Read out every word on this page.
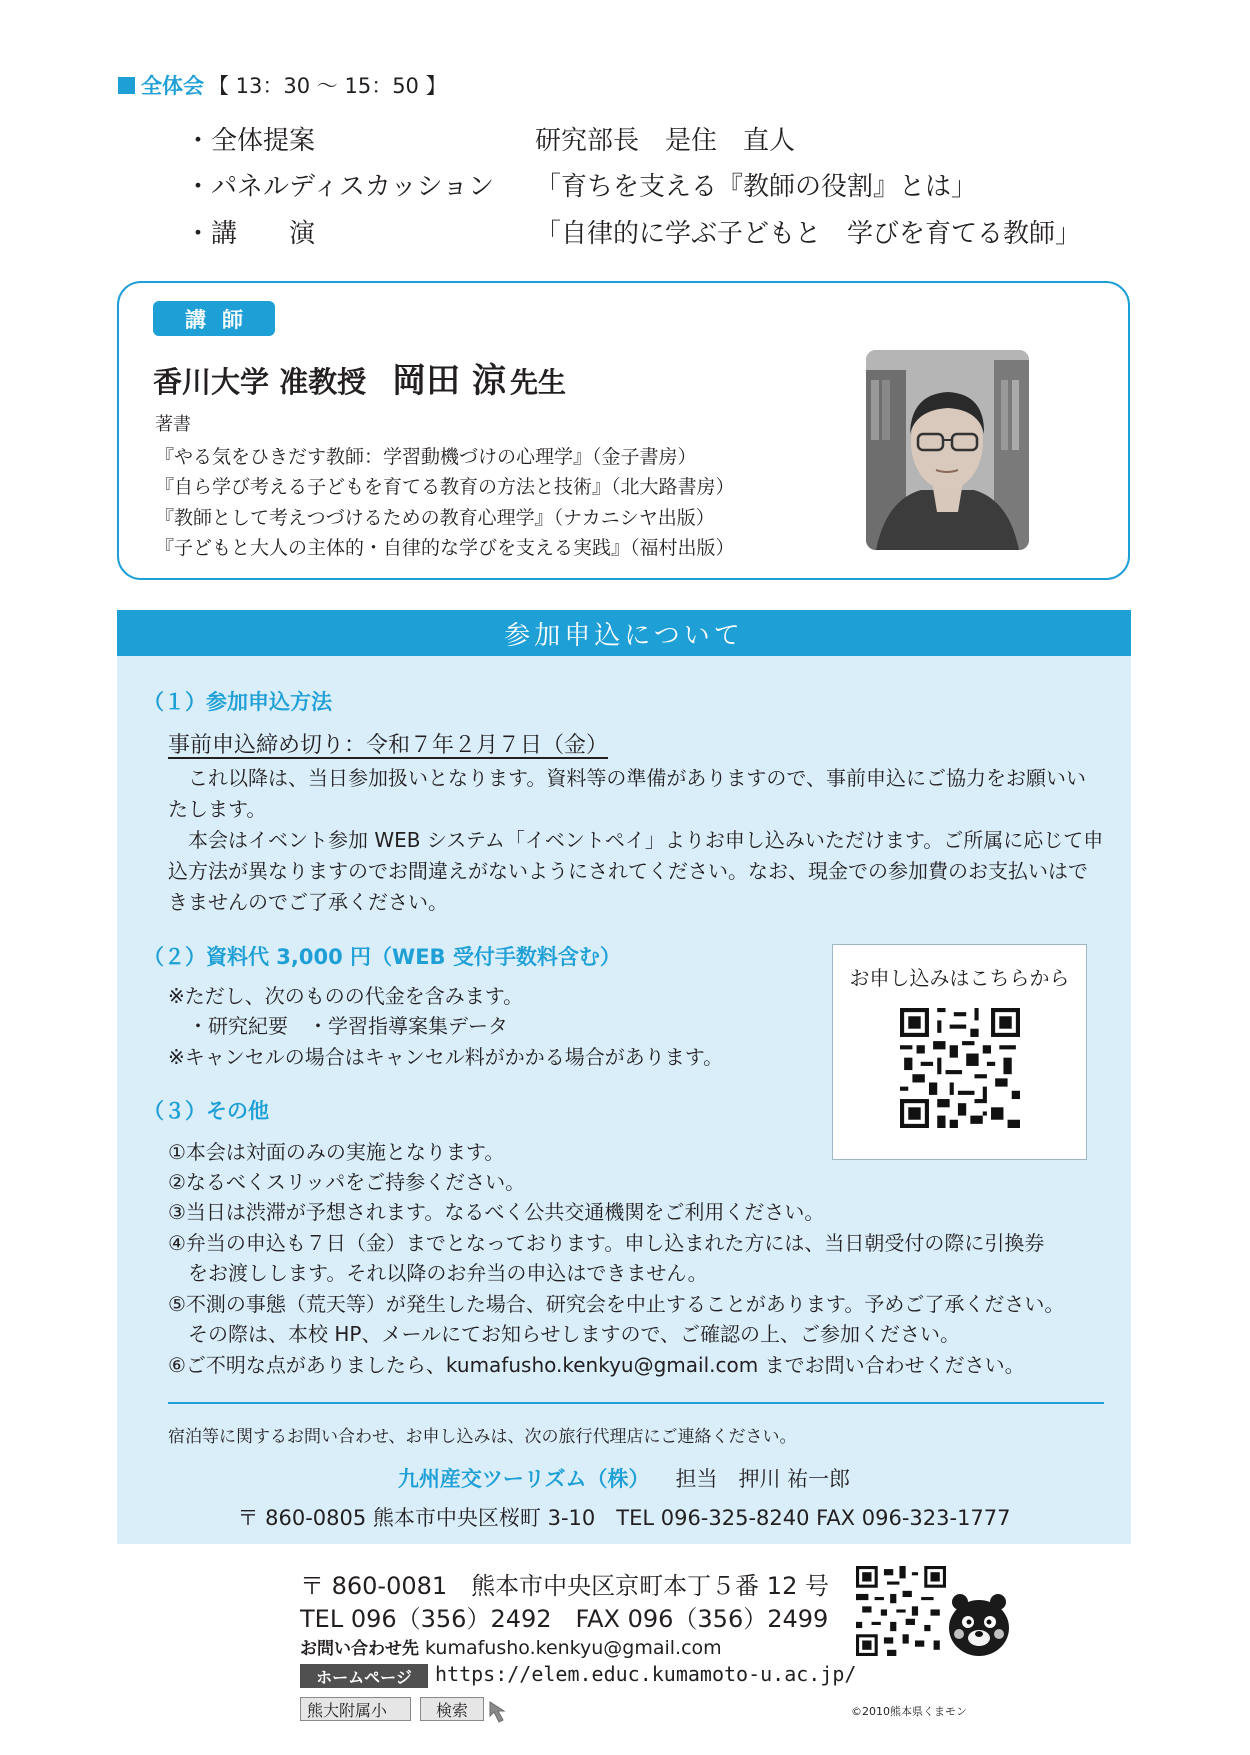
全体会 【 13：30 ～ 15：50 】
・全体提案	研究部長　是住　直人
・パネルディスカッション 「育ちを支える『教師の役割』とは」
・講　　演	「自律的に学ぶ子どもと　学びを育てる教師」
講師
香川大学 准教授 岡田 涼 先生
著書
『やる気をひきだす教師：学習動機づけの心理学』（金子書房）
『自ら学び考える子どもを育てる教育の方法と技術』（北大路書房）
『教師として考えつづけるための教育心理学』（ナカニシヤ出版）
『子どもと大人の主体的・自律的な学びを支える実践』（福村出版）
参加申込について
（１）参加申込方法
事前申込締め切り：令和７年２月７日（金）
これ以降は、当日参加扱いとなります。資料等の準備がありますので、事前申込にご協力をお願いいたします。
本会はイベント参加 WEB システム「イベントペイ」よりお申し込みいただけます。ご所属に応じて申込方法が異なりますのでお間違えがないようにされてください。なお、現金での参加費のお支払いはできませんのでご了承ください。
（２）資料代 3,000 円（WEB 受付手数料含む）
※ただし、次のものの代金を含みます。
　・研究紀要　・学習指導案集データ
※キャンセルの場合はキャンセル料がかかる場合があります。
お申し込みはこちらから
（３）その他
①本会は対面のみの実施となります。
②なるべくスリッパをご持参ください。
③当日は渋滞が予想されます。なるべく公共交通機関をご利用ください。
④弁当の申込も７日（金）までとなっております。申し込まれた方には、当日朝受付の際に引換券
　をお渡しします。それ以降のお弁当の申込はできません。
⑤不測の事態（荒天等）が発生した場合、研究会を中止することがあります。予めご了承ください。
　その際は、本校 HP、メールにてお知らせしますので、ご確認の上、ご参加ください。
⑥ご不明な点がありましたら、kumafusho.kenkyu@gmail.com までお問い合わせください。
宿泊等に関するお問い合わせ、お申し込みは、次の旅行代理店にご連絡ください。
九州産交ツーリズム（株） 担当　押川 祐一郎
〒 860-0805 熊本市中央区桜町 3-10　TEL 096-325-8240 FAX 096-323-1777
〒 860-0081　熊本市中央区京町本丁５番 12 号
TEL 096（356）2492　FAX 096（356）2499
お問い合わせ先 kumafusho.kenkyu@gmail.com
ホームページ	https://elem.educ.kumamoto-u.ac.jp/
熊大附属小	検索	©2010熊本県くまモン
